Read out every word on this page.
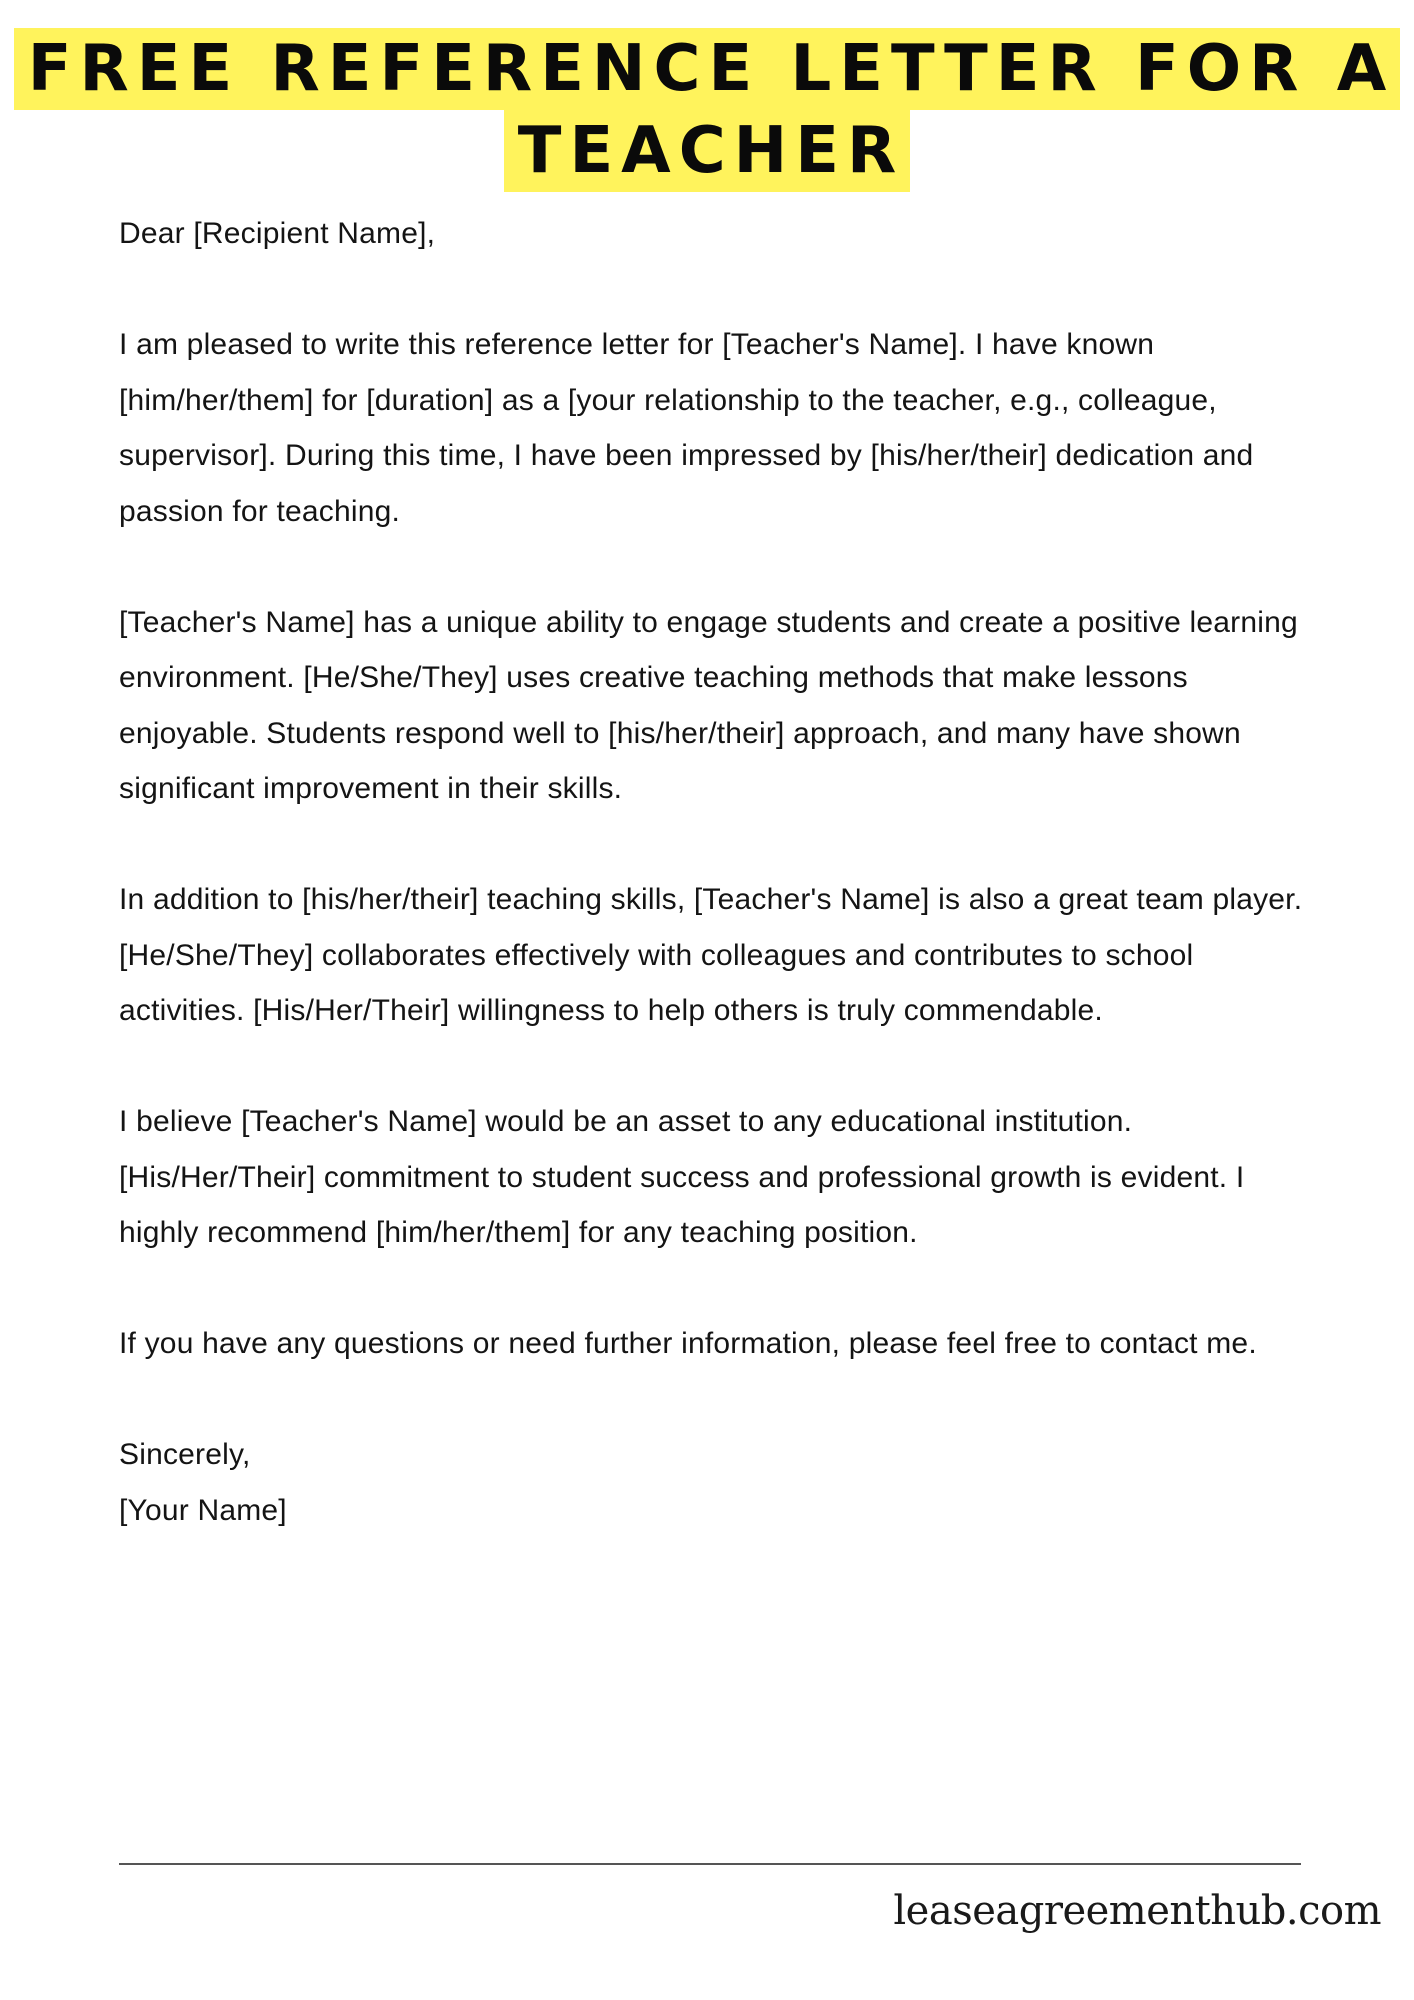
FREE REFERENCE LETTER FOR A
TEACHER

Dear [Recipient Name],

I am pleased to write this reference letter for [Teacher's Name]. I have known [him/her/them] for [duration] as a [your relationship to the teacher, e.g., colleague, supervisor]. During this time, I have been impressed by [his/her/their] dedication and passion for teaching.

[Teacher's Name] has a unique ability to engage students and create a positive learning environment. [He/She/They] uses creative teaching methods that make lessons enjoyable. Students respond well to [his/her/their] approach, and many have shown significant improvement in their skills.

In addition to [his/her/their] teaching skills, [Teacher's Name] is also a great team player. [He/She/They] collaborates effectively with colleagues and contributes to school activities. [His/Her/Their] willingness to help others is truly commendable.

I believe [Teacher's Name] would be an asset to any educational institution. [His/Her/Their] commitment to student success and professional growth is evident. I highly recommend [him/her/them] for any teaching position.

If you have any questions or need further information, please feel free to contact me.

Sincerely,

[Your Name]

leaseagreementhub.com
